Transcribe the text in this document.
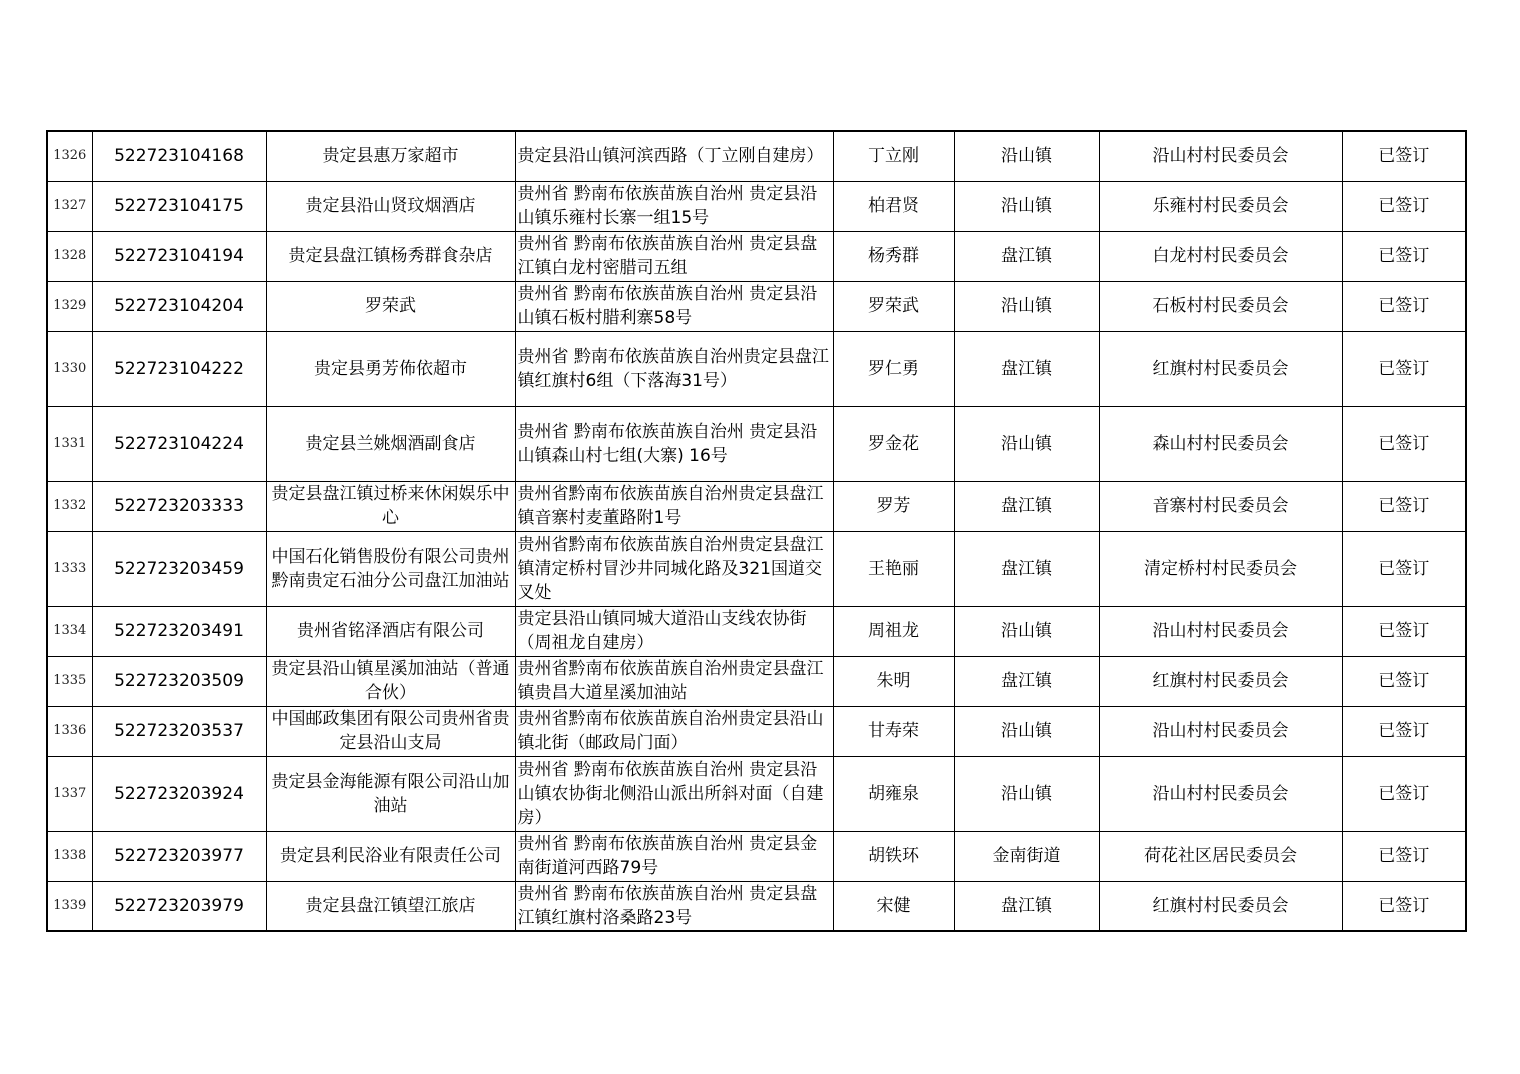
1326	522723104168	贵定县惠万家超市	贵定县沿山镇河滨西路（丁立刚自建房）	丁立刚	沿山镇	沿山村村民委员会	已签订
1327	522723104175	贵定县沿山贤玟烟酒店	贵州省 黔南布依族苗族自治州 贵定县沿山镇乐雍村长寨一组15号	柏君贤	沿山镇	乐雍村村民委员会	已签订
1328	522723104194	贵定县盘江镇杨秀群食杂店	贵州省 黔南布依族苗族自治州 贵定县盘江镇白龙村密腊司五组	杨秀群	盘江镇	白龙村村民委员会	已签订
1329	522723104204	罗荣武	贵州省 黔南布依族苗族自治州 贵定县沿山镇石板村腊利寨58号	罗荣武	沿山镇	石板村村民委员会	已签订
1330	522723104222	贵定县勇芳佈依超市	贵州省 黔南布依族苗族自治州贵定县盘江镇红旗村6组（下落海31号）	罗仁勇	盘江镇	红旗村村民委员会	已签订
1331	522723104224	贵定县兰姚烟酒副食店	贵州省 黔南布依族苗族自治州 贵定县沿山镇森山村七组(大寨) 16号	罗金花	沿山镇	森山村村民委员会	已签订
1332	522723203333	贵定县盘江镇过桥来休闲娱乐中心	贵州省黔南布依族苗族自治州贵定县盘江镇音寨村麦董路附1号	罗芳	盘江镇	音寨村村民委员会	已签订
1333	522723203459	中国石化销售股份有限公司贵州黔南贵定石油分公司盘江加油站	贵州省黔南布依族苗族自治州贵定县盘江镇清定桥村冒沙井同城化路及321国道交叉处	王艳丽	盘江镇	清定桥村村民委员会	已签订
1334	522723203491	贵州省铭泽酒店有限公司	贵定县沿山镇同城大道沿山支线农协街（周祖龙自建房）	周祖龙	沿山镇	沿山村村民委员会	已签订
1335	522723203509	贵定县沿山镇星溪加油站（普通合伙）	贵州省黔南布依族苗族自治州贵定县盘江镇贵昌大道星溪加油站	朱明	盘江镇	红旗村村民委员会	已签订
1336	522723203537	中国邮政集团有限公司贵州省贵定县沿山支局	贵州省黔南布依族苗族自治州贵定县沿山镇北街（邮政局门面）	甘寿荣	沿山镇	沿山村村民委员会	已签订
1337	522723203924	贵定县金海能源有限公司沿山加油站	贵州省 黔南布依族苗族自治州 贵定县沿山镇农协街北侧沿山派出所斜对面（自建房）	胡雍泉	沿山镇	沿山村村民委员会	已签订
1338	522723203977	贵定县利民浴业有限责任公司	贵州省 黔南布依族苗族自治州 贵定县金南街道河西路79号	胡铁环	金南街道	荷花社区居民委员会	已签订
1339	522723203979	贵定县盘江镇望江旅店	贵州省 黔南布依族苗族自治州 贵定县盘江镇红旗村洛桑路23号	宋健	盘江镇	红旗村村民委员会	已签订
